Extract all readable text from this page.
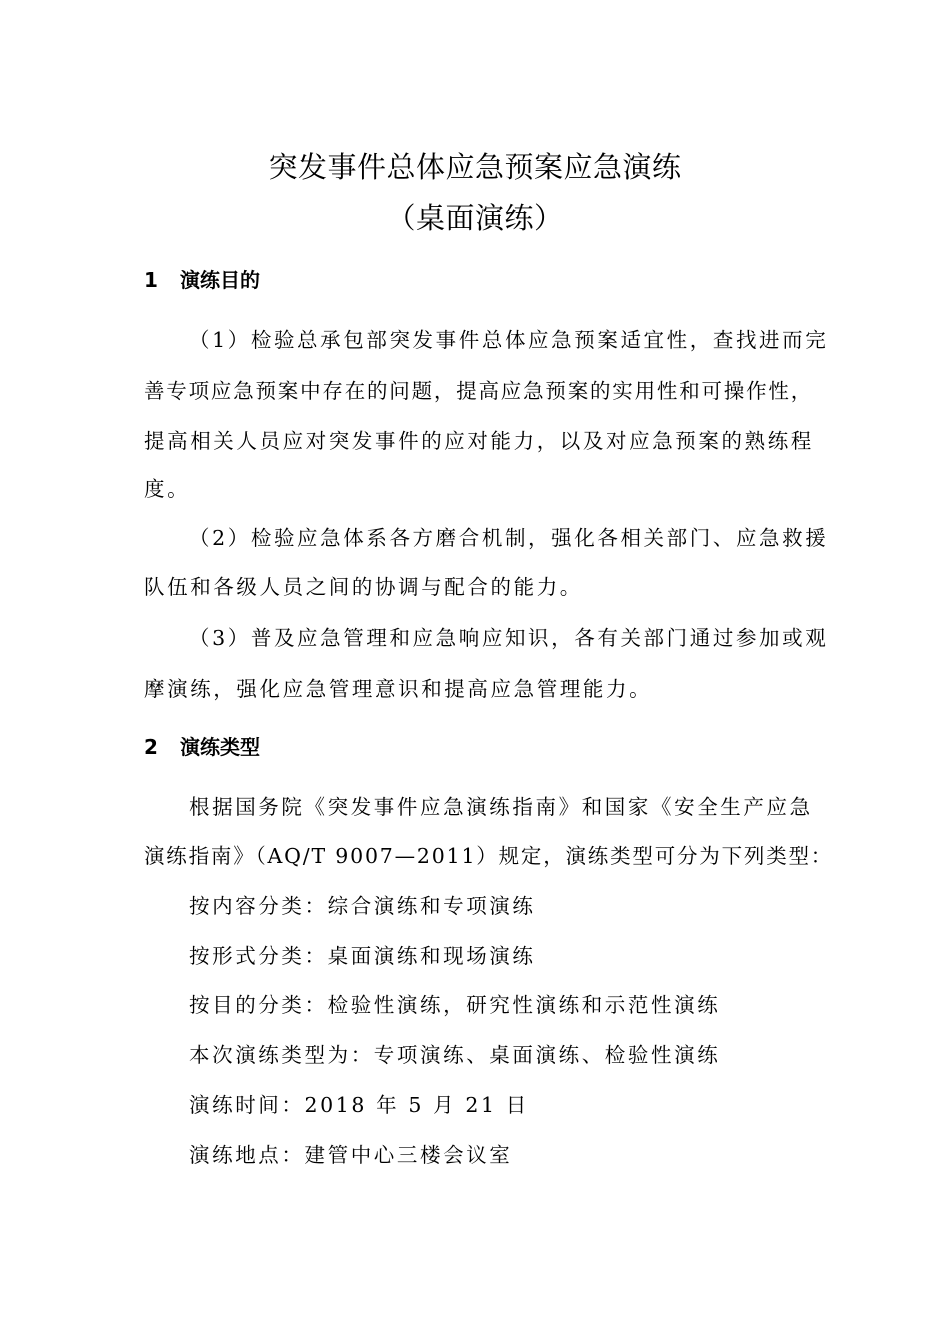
突发事件总体应急预案应急演练
（桌面演练）
1 演练目的
（1）检验总承包部突发事件总体应急预案适宜性，查找进而完
善专项应急预案中存在的问题，提高应急预案的实用性和可操作性，
提高相关人员应对突发事件的应对能力，以及对应急预案的熟练程
度。
（2）检验应急体系各方磨合机制，强化各相关部门、应急救援
队伍和各级人员之间的协调与配合的能力。
（3）普及应急管理和应急响应知识，各有关部门通过参加或观
摩演练，强化应急管理意识和提高应急管理能力。
2 演练类型
根据国务院《突发事件应急演练指南》和国家《安全生产应急
演练指南》（AQ/T 9007—2011）规定，演练类型可分为下列类型：
按内容分类：综合演练和专项演练
按形式分类：桌面演练和现场演练
按目的分类：检验性演练，研究性演练和示范性演练
本次演练类型为：专项演练、桌面演练、检验性演练
演练时间：2018 年 5 月 21 日
演练地点：建管中心三楼会议室
